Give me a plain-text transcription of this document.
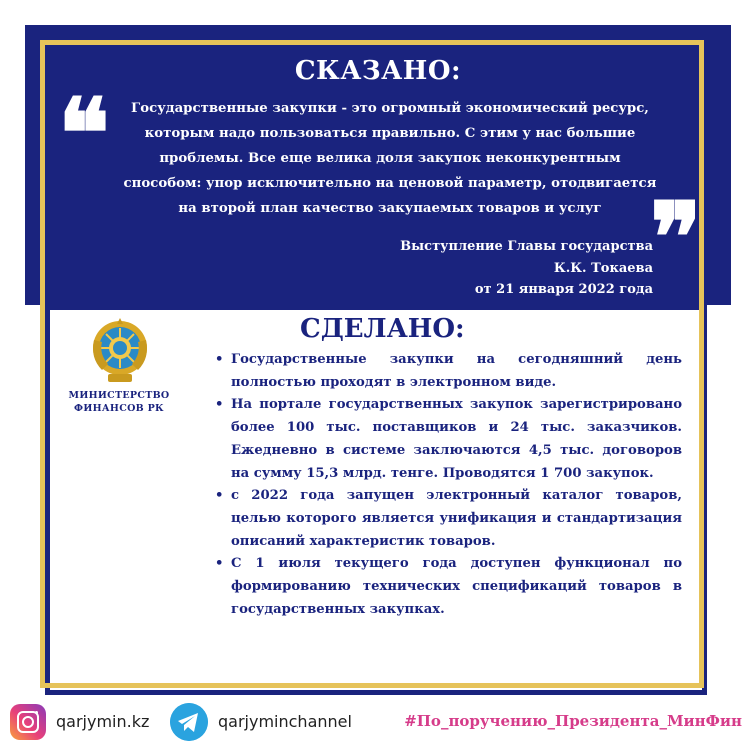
СКАЗАНО:
❝	Государственные закупки - это огромный экономический ресурс, которым надо пользоваться правильно. С этим у нас большие проблемы. Все еще велика доля закупок неконкурентным способом: упор исключительно на ценовой параметр, отодвигается на второй план качество закупаемых товаров и услуг ❞
Выступление Главы государства
К.К. Токаева
от 21 января 2022 года
СДЕЛАНО:
МИНИСТЕРСТВО
ФИНАНСОВ РК
• Государственные закупки на сегодняшний день полностью проходят в электронном виде.
• На портале государственных закупок зарегистрировано более 100 тыс. поставщиков и 24 тыс. заказчиков. Ежедневно в системе заключаются 4,5 тыс. договоров на сумму 15,3 млрд. тенге. Проводятся 1 700 закупок.
• с 2022 года запущен электронный каталог товаров, целью которого является унификация и стандартизация описаний характеристик товаров.
• С 1 июля текущего года доступен функционал по формированию технических спецификаций товаров в государственных закупках.
qarjymin.kz	qarjyminchannel	#По_поручению_Президента_МинФин
